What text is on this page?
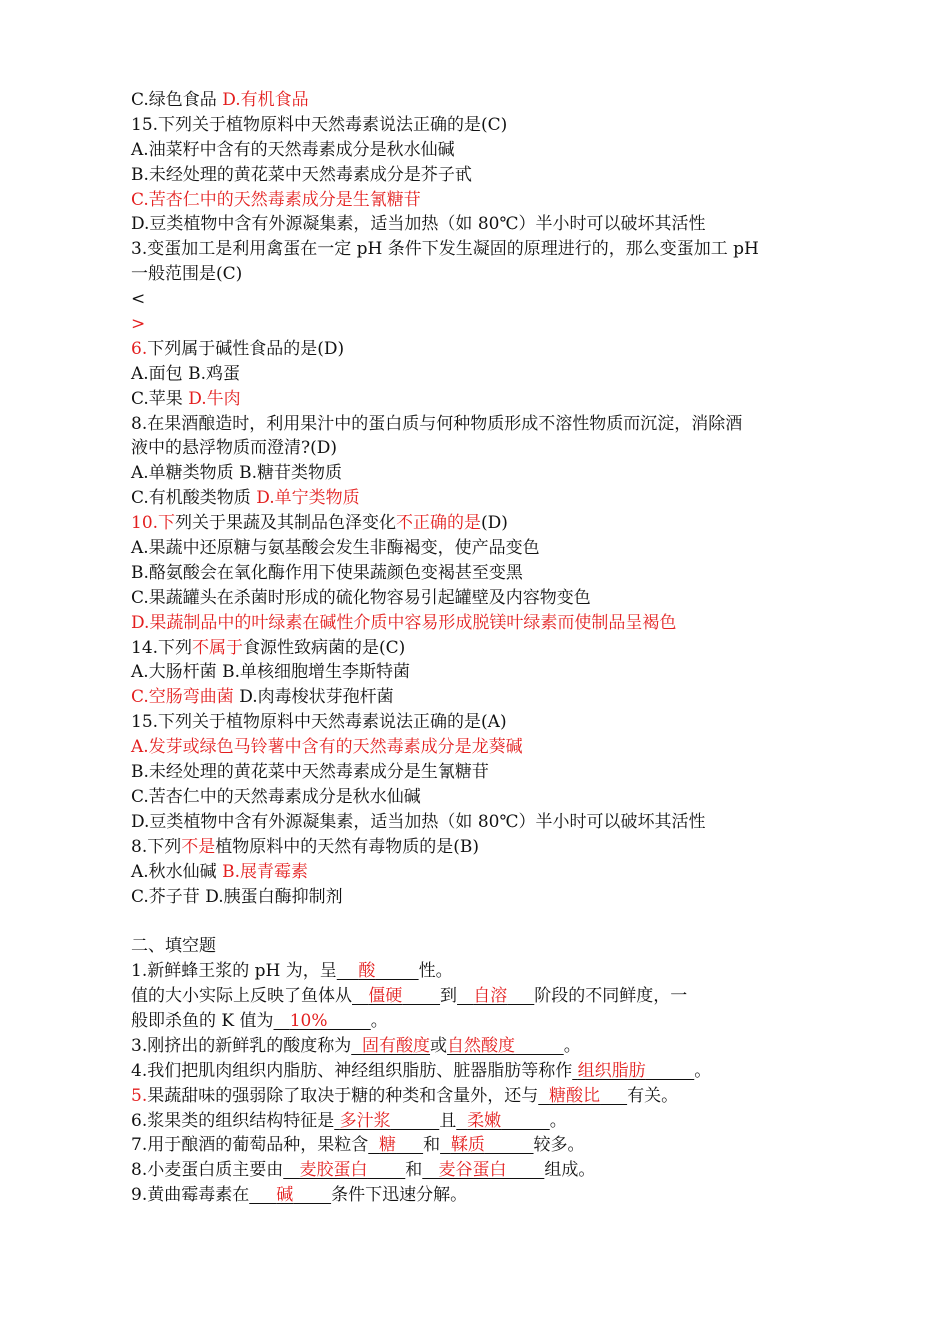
C.绿色食品 D.有机食品
15.下列关于植物原料中天然毒素说法正确的是(C)
A.油菜籽中含有的天然毒素成分是秋水仙碱
B.未经处理的黄花菜中天然毒素成分是芥子甙
C.苦杏仁中的天然毒素成分是生氰糖苷
D.豆类植物中含有外源凝集素，适当加热（如 80℃）半小时可以破坏其活性
3.变蛋加工是利用禽蛋在一定 pH 条件下发生凝固的原理进行的，那么变蛋加工 pH
一般范围是(C)
<
>
6.下列属于碱性食品的是(D)
A.面包 B.鸡蛋
C.苹果 D.牛肉
8.在果酒酿造时，利用果汁中的蛋白质与何种物质形成不溶性物质而沉淀，消除酒
液中的悬浮物质而澄清?(D)
A.单糖类物质 B.糖苷类物质
C.有机酸类物质 D.单宁类物质
10.下列关于果蔬及其制品色泽变化不正确的是(D)
A.果蔬中还原糖与氨基酸会发生非酶褐变，使产品变色
B.酪氨酸会在氧化酶作用下使果蔬颜色变褐甚至变黑
C.果蔬罐头在杀菌时形成的硫化物容易引起罐壁及内容物变色
D.果蔬制品中的叶绿素在碱性介质中容易形成脱镁叶绿素而使制品呈褐色
14.下列不属于食源性致病菌的是(C)
A.大肠杆菌 B.单核细胞增生李斯特菌
C.空肠弯曲菌 D.肉毒梭状芽孢杆菌
15.下列关于植物原料中天然毒素说法正确的是(A)
A.发芽或绿色马铃薯中含有的天然毒素成分是龙葵碱
B.未经处理的黄花菜中天然毒素成分是生氰糖苷
C.苦杏仁中的天然毒素成分是秋水仙碱
D.豆类植物中含有外源凝集素，适当加热（如 80℃）半小时可以破坏其活性
8.下列不是植物原料中的天然有毒物质的是(B)
A.秋水仙碱 B.展青霉素
C.芥子苷 D.胰蛋白酶抑制剂
二、填空题
1.新鲜蜂王浆的 pH 为，呈 酸	性。
值的大小实际上反映了鱼体从 僵硬 到 自溶 阶段的不同鲜度，一
般即杀鱼的 K 值为 10%	。
3.刚挤出的新鲜乳的酸度称为 固有酸度或自然酸度	。
4.我们把肌肉组织内脂肪、神经组织脂肪、脏器脂肪等称作 组织脂肪	。
5.果蔬甜味的强弱除了取决于糖的种类和含量外，还与 糖酸比 有关。
6.浆果类的组织结构特征是 多汁浆	且 柔嫩	。
7.用于酿酒的葡萄品种，果粒含 糖 和 鞣质	较多。
8.小麦蛋白质主要由 麦胶蛋白 和 麦谷蛋白 组成。
9.黄曲霉毒素在 碱 条件下迅速分解。
